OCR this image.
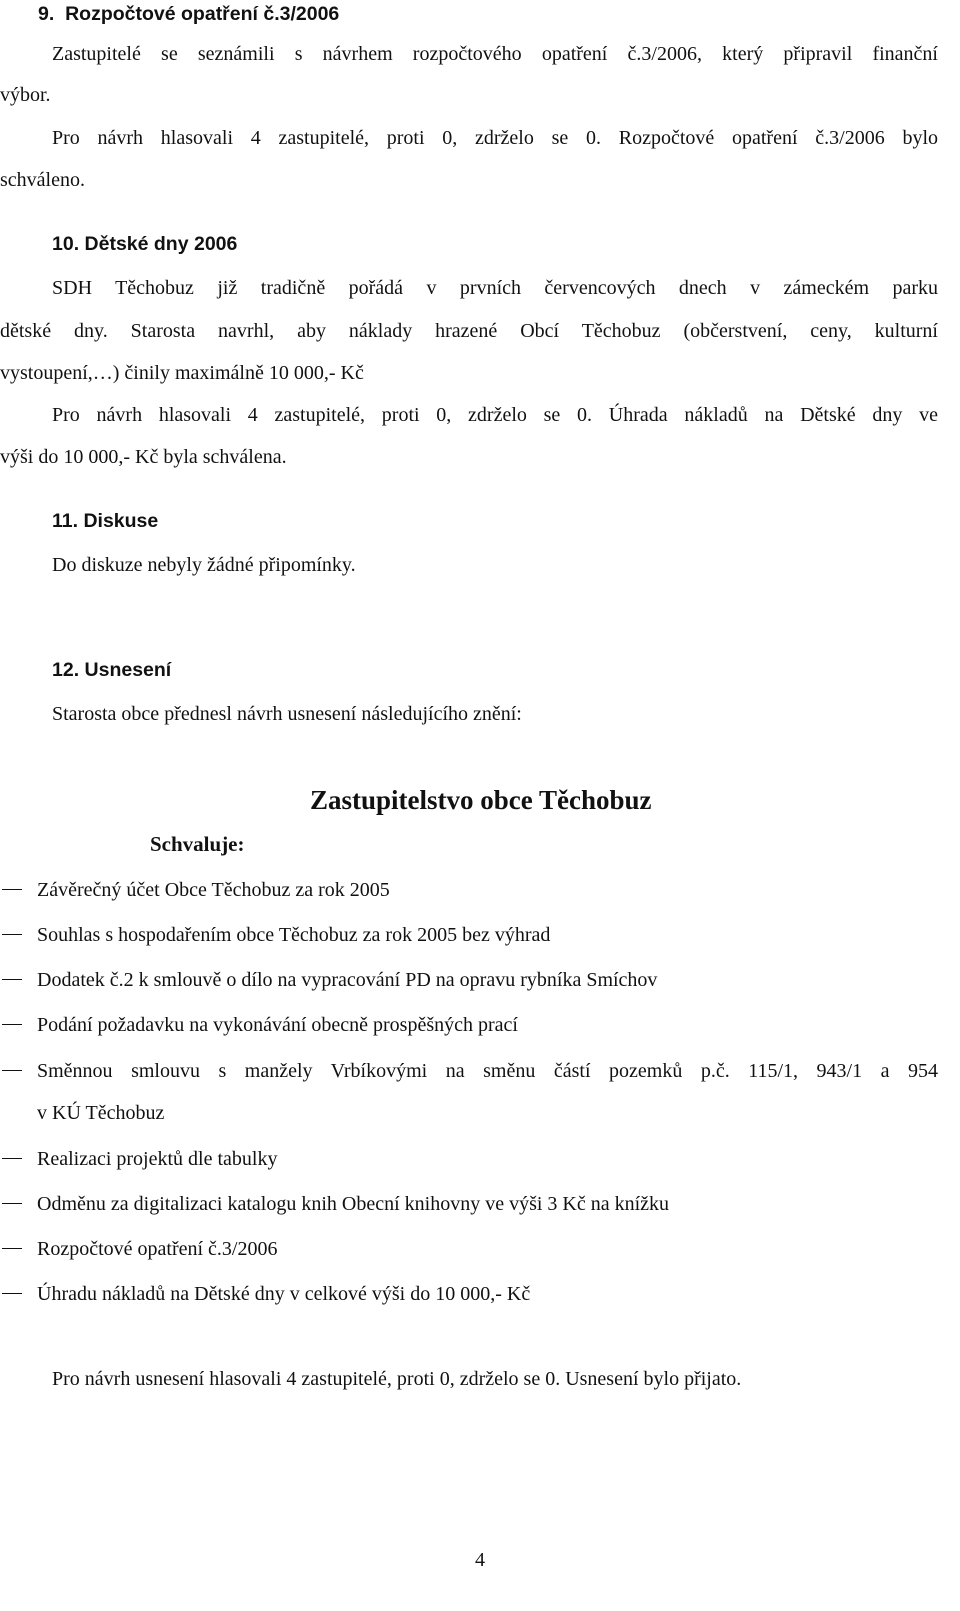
9.  Rozpočtové opatření č.3/2006
Zastupitelé se seznámili s návrhem rozpočtového opatření č.3/2006, který připravil finanční
výbor.
Pro návrh hlasovali 4 zastupitelé, proti 0, zdrželo se 0. Rozpočtové opatření č.3/2006 bylo
schváleno.
10. Dětské dny 2006
SDH Těchobuz již tradičně pořádá v prvních červencových dnech v zámeckém parku
dětské dny. Starosta navrhl, aby náklady hrazené Obcí Těchobuz (občerstvení, ceny, kulturní
vystoupení,…) činily maximálně 10 000,- Kč
Pro návrh hlasovali 4 zastupitelé, proti 0, zdrželo se 0. Úhrada nákladů na Dětské dny ve
výši do 10 000,- Kč byla schválena.
11. Diskuse
Do diskuze nebyly žádné připomínky.
12. Usnesení
Starosta obce přednesl návrh usnesení následujícího znění:
Zastupitelstvo obce Těchobuz
Schvaluje:
Závěrečný účet Obce Těchobuz za rok 2005
Souhlas s hospodařením obce Těchobuz za rok 2005 bez výhrad
Dodatek č.2 k smlouvě o dílo na vypracování PD na opravu rybníka Smíchov
Podání požadavku na vykonávání obecně prospěšných prací
Směnnou smlouvu s manžely Vrbíkovými na směnu částí pozemků p.č. 115/1, 943/1 a 954
v KÚ Těchobuz
Realizaci projektů dle tabulky
Odměnu za digitalizaci katalogu knih Obecní knihovny ve výši 3 Kč na knížku
Rozpočtové opatření č.3/2006
Úhradu nákladů na Dětské dny v celkové výši do 10 000,- Kč
Pro návrh usnesení hlasovali 4 zastupitelé, proti 0, zdrželo se 0. Usnesení bylo přijato.
4
